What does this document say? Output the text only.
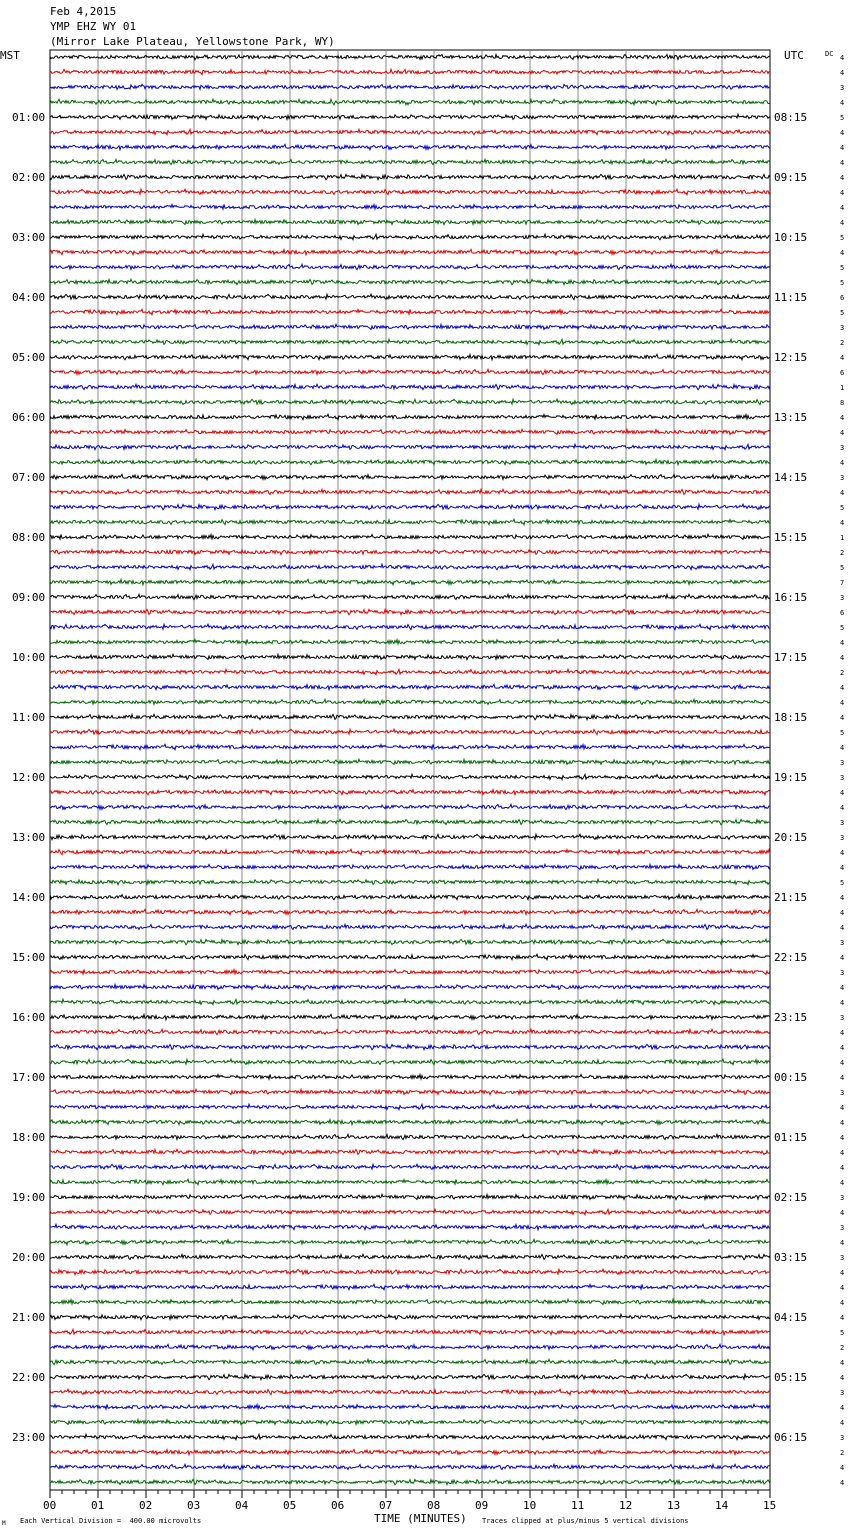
Feb 4,2015
YMP EHZ WY 01
(Mirror Lake Plateau, Yellowstone Park, WY)
MST	UTC	DC
01:00
02:00
03:00
04:00
05:00
06:00
07:00
08:00
09:00
10:00
11:00
12:00
13:00
14:00
15:00
16:00
17:00
18:00
19:00
20:00
21:00
22:00
23:00
08:15
09:15
10:15
11:15
12:15
13:15
14:15
15:15
16:15
17:15
18:15
19:15
20:15
21:15
22:15
23:15
00:15
01:15
02:15
03:15
04:15
05:15
06:15
4
4
3
4
5
4
4
4
4
4
4
4
5
4
5
5
6
5
3
2
4
6
1
8
4
4
3
4
3
4
5
4
1
2
5
7
3
6
5
4
4
2
4
4
4
5
4
3
3
4
4
3
3
4
4
5
4
4
4
3
4
3
4
4
3
4
4
4
4
3
4
4
4
4
4
4
3
4
3
4
3
4
4
4
4
5
2
4
4
3
4
4
3
2
4
4
00	01	02	03	04	05	06	07	08	09	10	11	12	13	14	15
TIME (MINUTES)
Each Vertical Division =  400.00 microvolts	Traces clipped at plus/minus 5 vertical divisions
M
